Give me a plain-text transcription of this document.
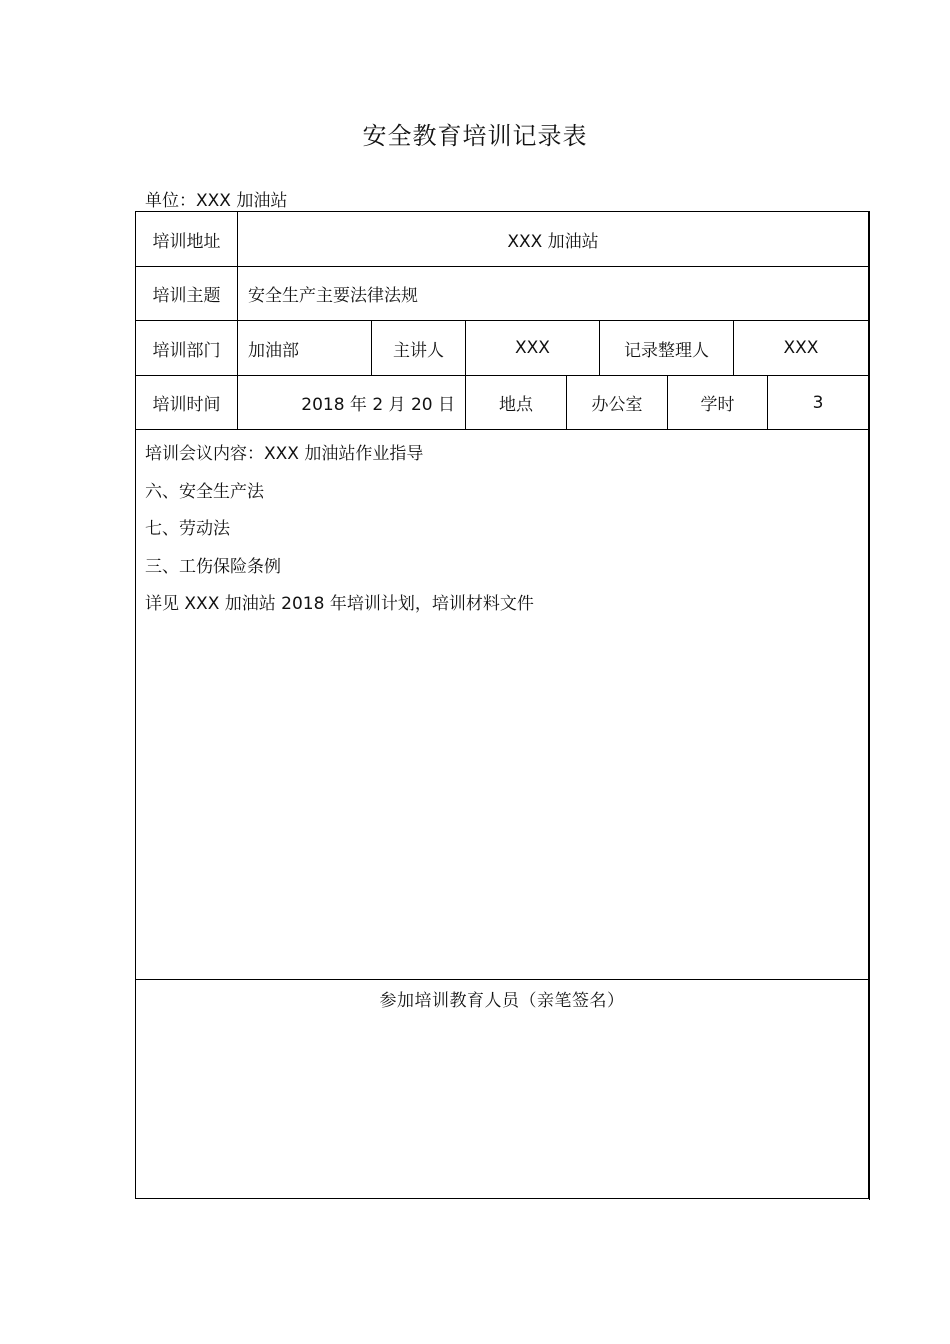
安全教育培训记录表
单位：XXX 加油站
培训地址	XXX 加油站
培训主题	安全生产主要法律法规
培训部门	加油部	主讲人	XXX	记录整理人	XXX
培训时间	2018 年 2 月 20 日	地点	办公室	学时	3
培训会议内容：XXX 加油站作业指导
六、安全生产法
七、劳动法
三、工伤保险条例
详见 XXX 加油站 2018 年培训计划，培训材料文件
参加培训教育人员（亲笔签名）
